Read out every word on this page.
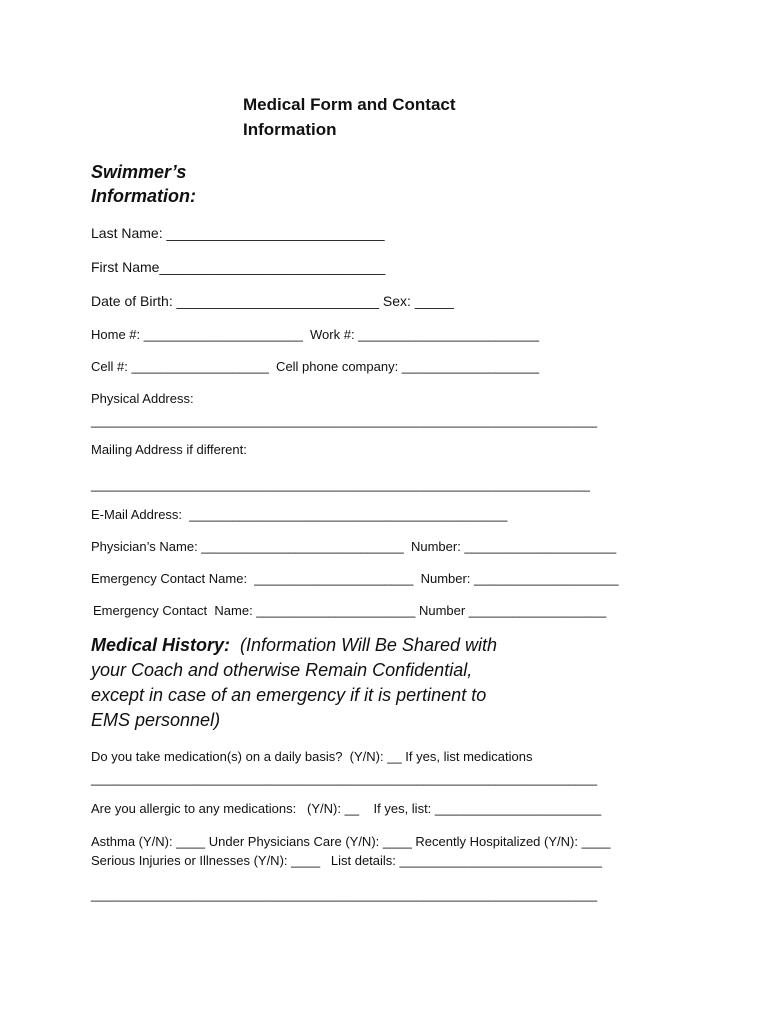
Medical Form and Contact
Information
Swimmer’s
Information:
Last Name: ____________________________
First Name_____________________________
Date of Birth: __________________________ Sex: _____
Home #: ______________________  Work #: _________________________
Cell #: ___________________  Cell phone company: ___________________
Physical Address:
______________________________________________________________________
Mailing Address if different:
_____________________________________________________________________
E-Mail Address:  ____________________________________________
Physician’s Name: ____________________________  Number: _____________________
Emergency Contact Name:  ______________________  Number: ____________________
Emergency Contact  Name: ______________________ Number ___________________
Medical History:  (Information Will Be Shared with
your Coach and otherwise Remain Confidential,
except in case of an emergency if it is pertinent to
EMS personnel)
Do you take medication(s) on a daily basis?  (Y/N): __ If yes, list medications
______________________________________________________________________
Are you allergic to any medications:   (Y/N): __    If yes, list: _______________________
Asthma (Y/N): ____ Under Physicians Care (Y/N): ____ Recently Hospitalized (Y/N): ____
Serious Injuries or Illnesses (Y/N): ____   List details: ____________________________
______________________________________________________________________
